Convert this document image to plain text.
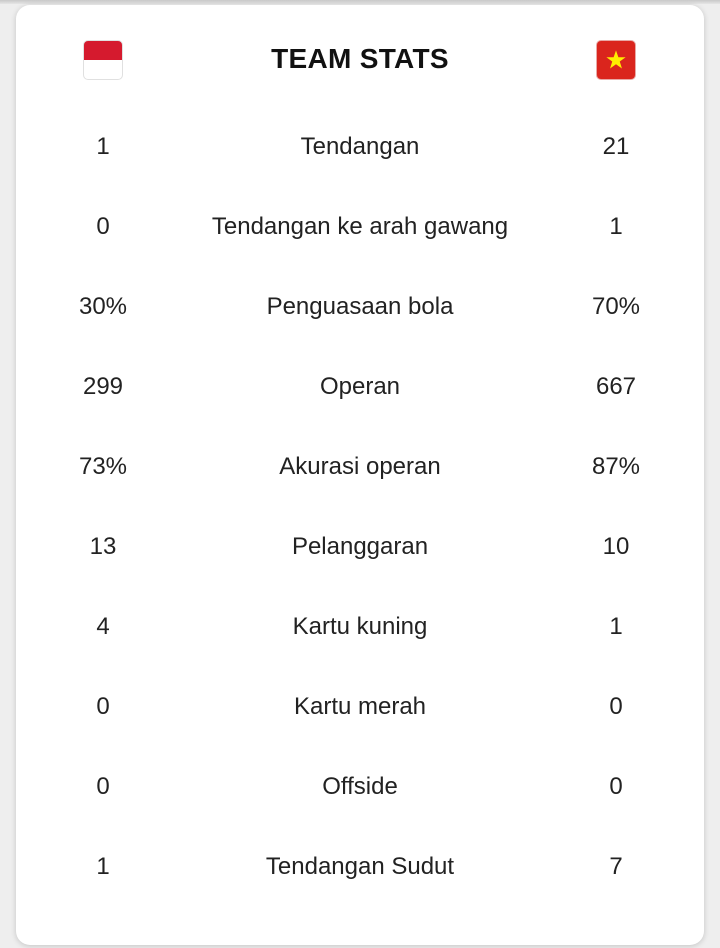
TEAM STATS
1	Tendangan	21
0	Tendangan ke arah gawang	1
30%	Penguasaan bola	70%
299	Operan	667
73%	Akurasi operan	87%
13	Pelanggaran	10
4	Kartu kuning	1
0	Kartu merah	0
0	Offside	0
1	Tendangan Sudut	7
